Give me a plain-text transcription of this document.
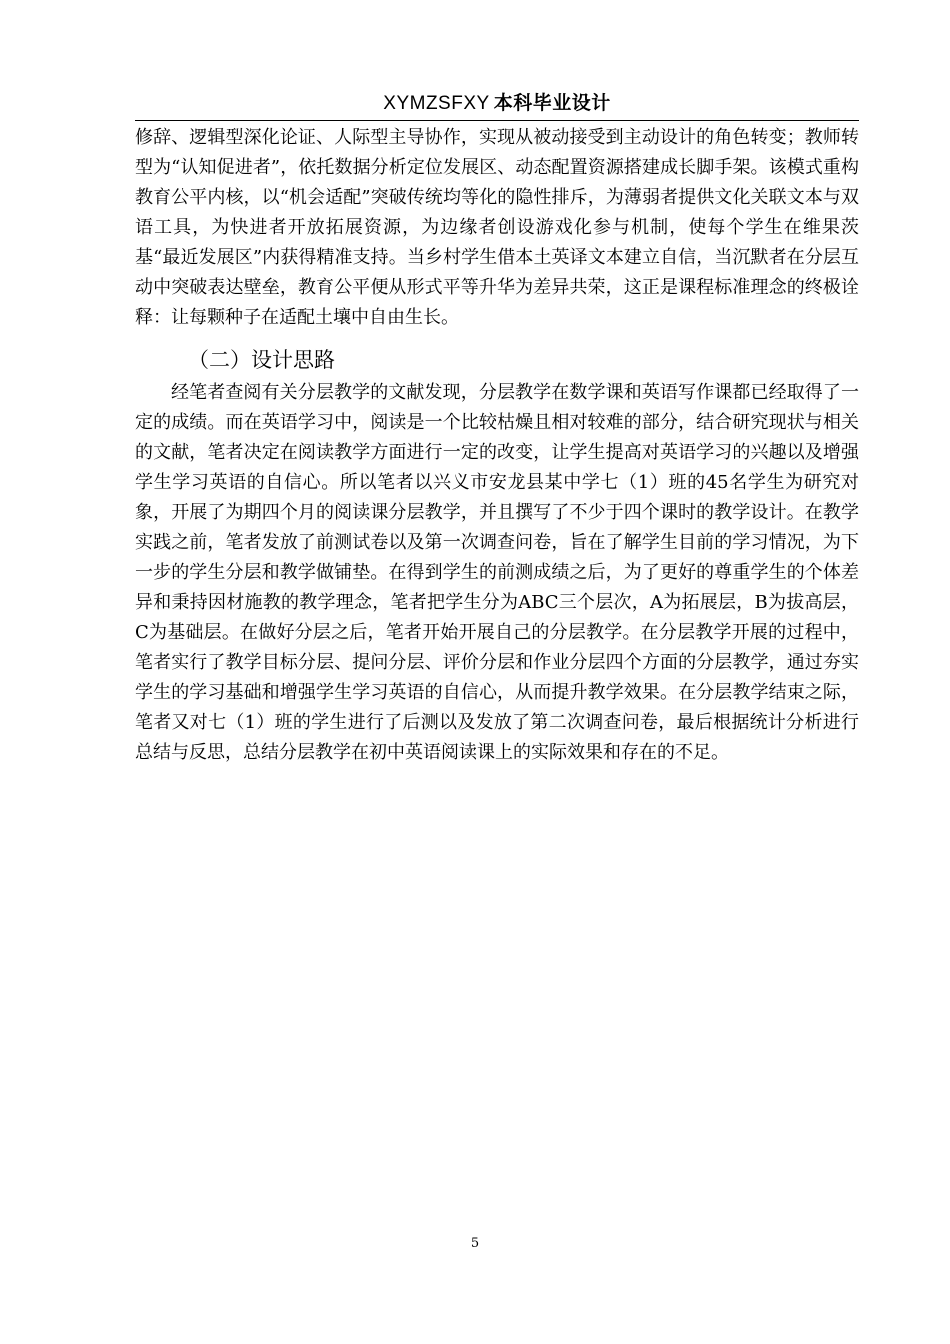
XYMZSFXY 本科毕业设计

修辞、逻辑型深化论证、人际型主导协作，实现从被动接受到主动设计的角色转变；教师转型为“认知促进者”，依托数据分析定位发展区、动态配置资源搭建成长脚手架。该模式重构教育公平内核，以“机会适配”突破传统均等化的隐性排斥，为薄弱者提供文化关联文本与双语工具，为快进者开放拓展资源，为边缘者创设游戏化参与机制，使每个学生在维果茨基“最近发展区”内获得精准支持。当乡村学生借本土英译文本建立自信，当沉默者在分层互动中突破表达壁垒，教育公平便从形式平等升华为差异共荣，这正是课程标准理念的终极诠释：让每颗种子在适配土壤中自由生长。

（二）设计思路

经笔者查阅有关分层教学的文献发现，分层教学在数学课和英语写作课都已经取得了一定的成绩。而在英语学习中，阅读是一个比较枯燥且相对较难的部分，结合研究现状与相关的文献，笔者决定在阅读教学方面进行一定的改变，让学生提高对英语学习的兴趣以及增强学生学习英语的自信心。所以笔者以兴义市安龙县某中学七（1）班的45名学生为研究对象，开展了为期四个月的阅读课分层教学，并且撰写了不少于四个课时的教学设计。在教学实践之前，笔者发放了前测试卷以及第一次调查问卷，旨在了解学生目前的学习情况，为下一步的学生分层和教学做铺垫。在得到学生的前测成绩之后，为了更好的尊重学生的个体差异和秉持因材施教的教学理念，笔者把学生分为ABC三个层次，A为拓展层，B为拔高层，C为基础层。在做好分层之后，笔者开始开展自己的分层教学。在分层教学开展的过程中，笔者实行了教学目标分层、提问分层、评价分层和作业分层四个方面的分层教学，通过夯实学生的学习基础和增强学生学习英语的自信心，从而提升教学效果。在分层教学结束之际，笔者又对七（1）班的学生进行了后测以及发放了第二次调查问卷，最后根据统计分析进行总结与反思，总结分层教学在初中英语阅读课上的实际效果和存在的不足。

5
